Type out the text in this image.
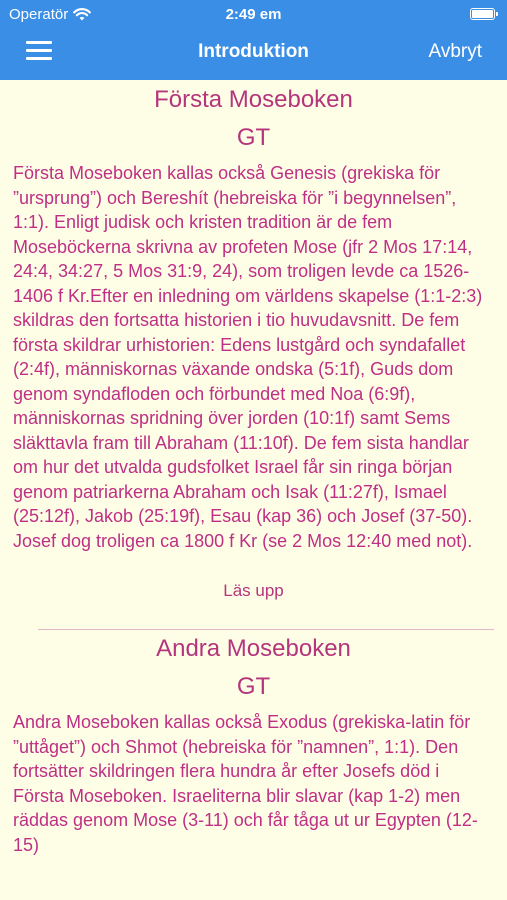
Operatör	2:49 em
Introduktion	Avbryt
Första Moseboken
GT
Första Moseboken kallas också Genesis (grekiska för ”ursprung”) och Bereshít (hebreiska för ”i begynnelsen”, 1:1). Enligt judisk och kristen tradition är de fem Moseböckerna skrivna av profeten Mose (jfr 2 Mos 17:14, 24:4, 34:27, 5 Mos 31:9, 24), som troligen levde ca 1526-1406 f Kr.Efter en inledning om världens skapelse (1:1-2:3) skildras den fortsatta historien i tio huvudavsnitt. De fem första skildrar urhistorien: Edens lustgård och syndafallet (2:4f), människornas växande ondska (5:1f), Guds dom genom syndafloden och förbundet med Noa (6:9f), människornas spridning över jorden (10:1f) samt Sems släkttavla fram till Abraham (11:10f). De fem sista handlar om hur det utvalda gudsfolket Israel får sin ringa början genom patriarkerna Abraham och Isak (11:27f), Ismael (25:12f), Jakob (25:19f), Esau (kap 36) och Josef (37-50). Josef dog troligen ca 1800 f Kr (se 2 Mos 12:40 med not).
Läs upp
Andra Moseboken
GT
Andra Moseboken kallas också Exodus (grekiska-latin för ”uttåget”) och Shmot (hebreiska för ”namnen”, 1:1). Den fortsätter skildringen flera hundra år efter Josefs död i Första Moseboken. Israeliterna blir slavar (kap 1-2) men räddas genom Mose (3-11) och får tåga ut ur Egypten (12-15)
